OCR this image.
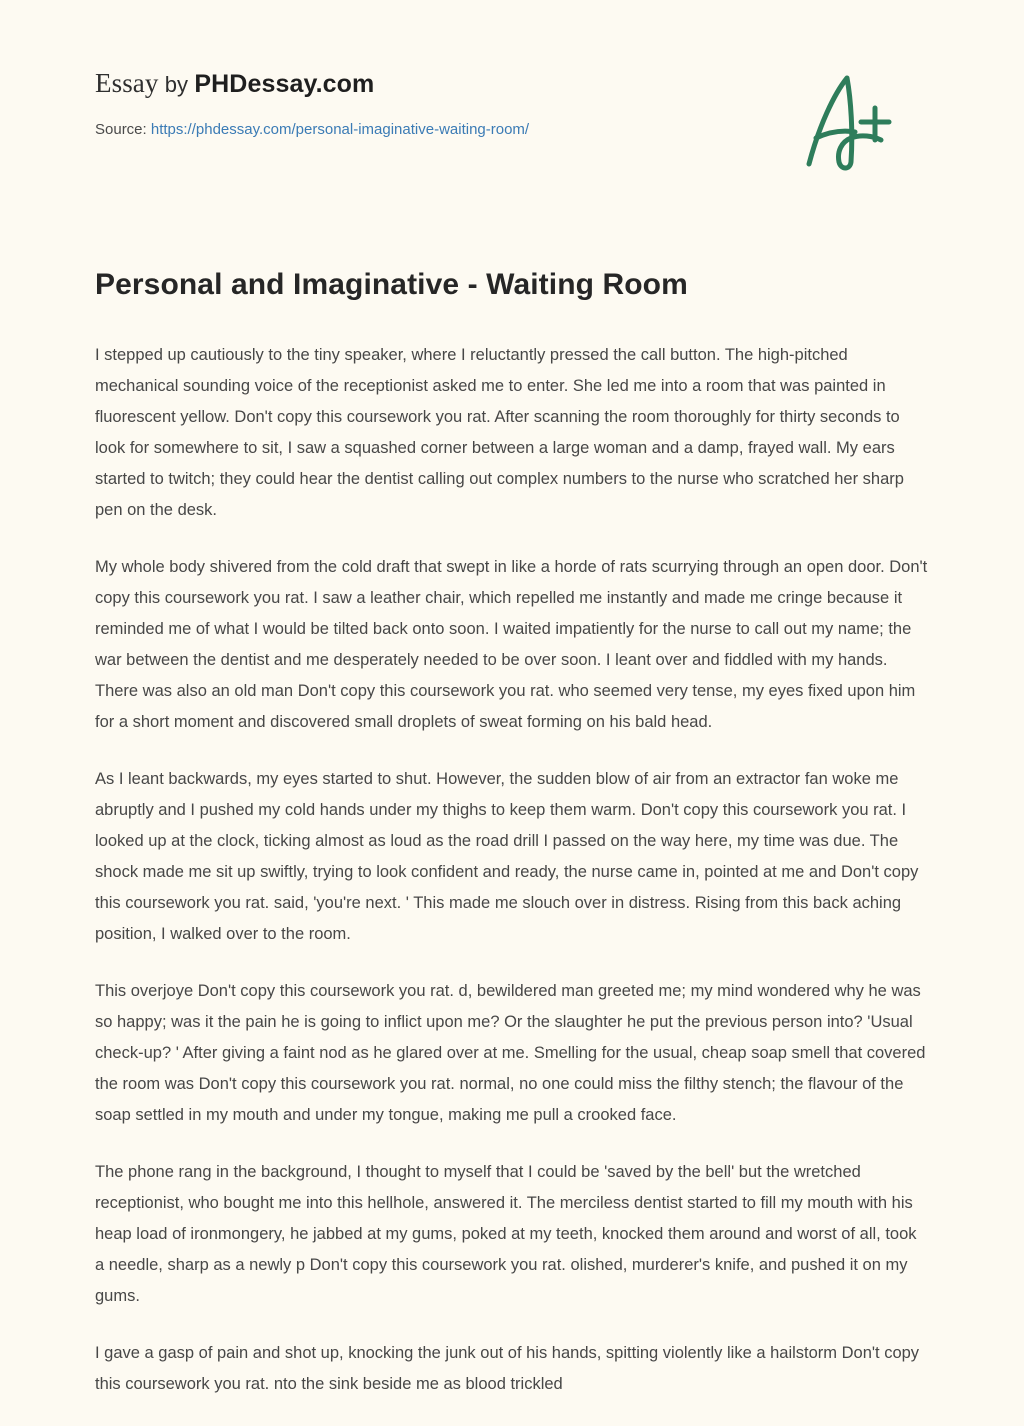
Essay by PHDessay.com
Source: https://phdessay.com/personal-imaginative-waiting-room/
Personal and Imaginative - Waiting Room

I stepped up cautiously to the tiny speaker, where I reluctantly pressed the call button. The high-pitched mechanical sounding voice of the receptionist asked me to enter. She led me into a room that was painted in fluorescent yellow. Don't copy this coursework you rat. After scanning the room thoroughly for thirty seconds to look for somewhere to sit, I saw a squashed corner between a large woman and a damp, frayed wall. My ears started to twitch; they could hear the dentist calling out complex numbers to the nurse who scratched her sharp pen on the desk.

My whole body shivered from the cold draft that swept in like a horde of rats scurrying through an open door. Don't copy this coursework you rat. I saw a leather chair, which repelled me instantly and made me cringe because it reminded me of what I would be tilted back onto soon. I waited impatiently for the nurse to call out my name; the war between the dentist and me desperately needed to be over soon. I leant over and fiddled with my hands. There was also an old man Don't copy this coursework you rat. who seemed very tense, my eyes fixed upon him for a short moment and discovered small droplets of sweat forming on his bald head.

As I leant backwards, my eyes started to shut. However, the sudden blow of air from an extractor fan woke me abruptly and I pushed my cold hands under my thighs to keep them warm. Don't copy this coursework you rat. I looked up at the clock, ticking almost as loud as the road drill I passed on the way here, my time was due. The shock made me sit up swiftly, trying to look confident and ready, the nurse came in, pointed at me and Don't copy this coursework you rat. said, 'you're next. ' This made me slouch over in distress. Rising from this back aching position, I walked over to the room.

This overjoye Don't copy this coursework you rat. d, bewildered man greeted me; my mind wondered why he was so happy; was it the pain he is going to inflict upon me? Or the slaughter he put the previous person into? 'Usual check-up? ' After giving a faint nod as he glared over at me. Smelling for the usual, cheap soap smell that covered the room was Don't copy this coursework you rat. normal, no one could miss the filthy stench; the flavour of the soap settled in my mouth and under my tongue, making me pull a crooked face.

The phone rang in the background, I thought to myself that I could be 'saved by the bell' but the wretched receptionist, who bought me into this hellhole, answered it. The merciless dentist started to fill my mouth with his heap load of ironmongery, he jabbed at my gums, poked at my teeth, knocked them around and worst of all, took a needle, sharp as a newly p Don't copy this coursework you rat. olished, murderer's knife, and pushed it on my gums.

I gave a gasp of pain and shot up, knocking the junk out of his hands, spitting violently like a hailstorm Don't copy this coursework you rat. nto the sink beside me as blood trickled
